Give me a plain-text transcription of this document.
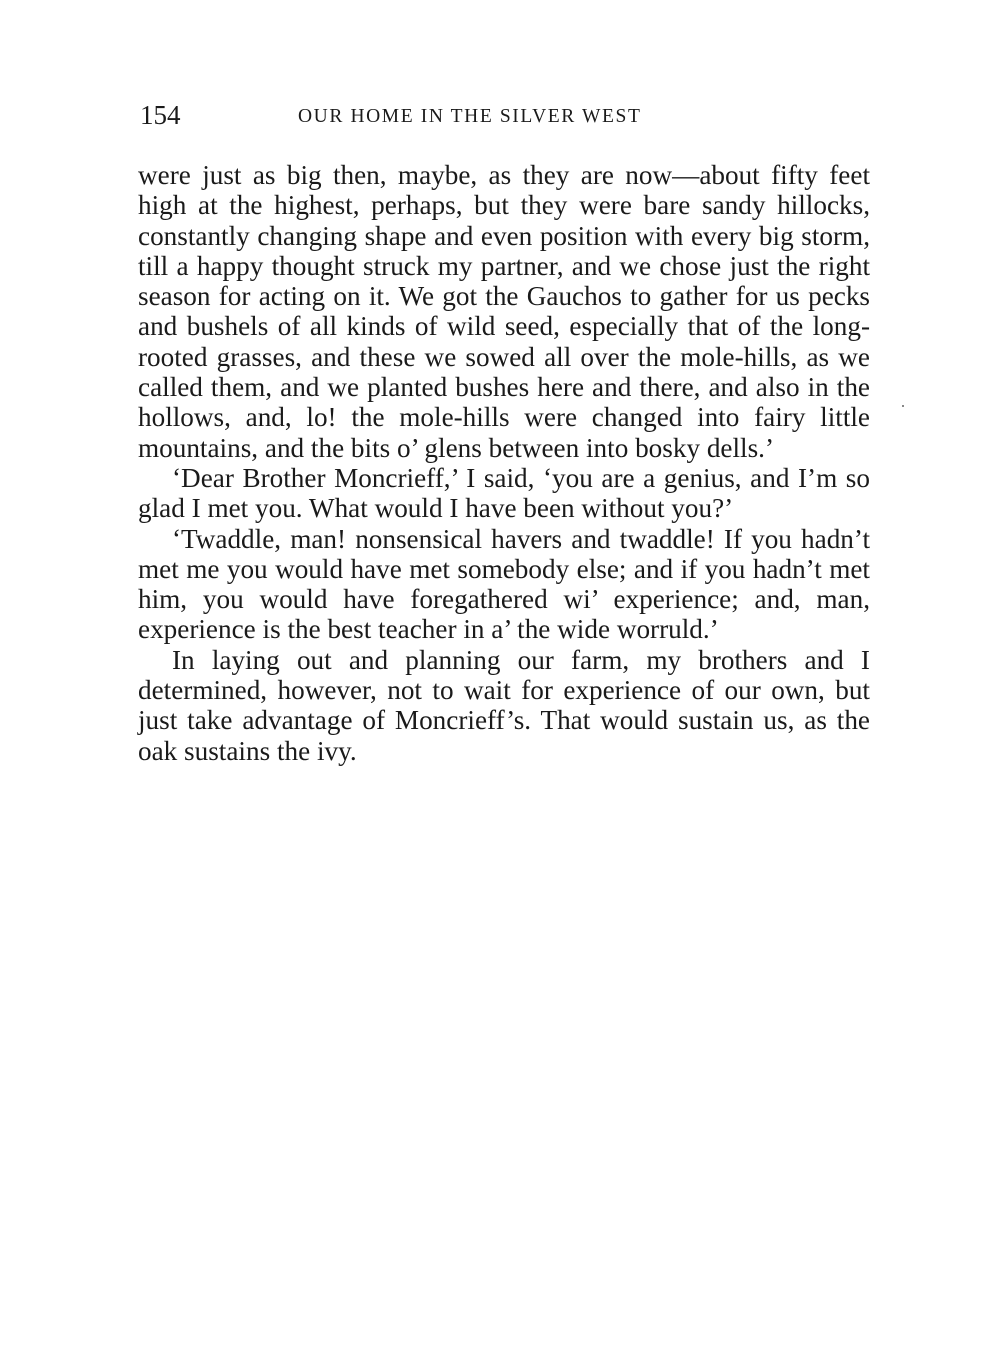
154	OUR HOME IN THE SILVER WEST

were just as big then, maybe, as they are now—about fifty feet high at the highest, perhaps, but they were bare sandy hillocks, constantly changing shape and even position with every big storm, till a happy thought struck my partner, and we chose just the right season for acting on it. We got the Gauchos to gather for us pecks and bushels of all kinds of wild seed, especially that of the long-rooted grasses, and these we sowed all over the mole-hills, as we called them, and we planted bushes here and there, and also in the hollows, and, lo! the mole-hills were changed into fairy little mountains, and the bits o’ glens between into bosky dells.’

‘Dear Brother Moncrieff,’ I said, ‘you are a genius, and I’m so glad I met you. What would I have been without you?’

‘Twaddle, man! nonsensical havers and twaddle! If you hadn’t met me you would have met somebody else; and if you hadn’t met him, you would have foregathered wi’ experience; and, man, experience is the best teacher in a’ the wide worruld.’

In laying out and planning our farm, my brothers and I determined, however, not to wait for experience of our own, but just take advantage of Moncrieff’s. That would sustain us, as the oak sustains the ivy.
